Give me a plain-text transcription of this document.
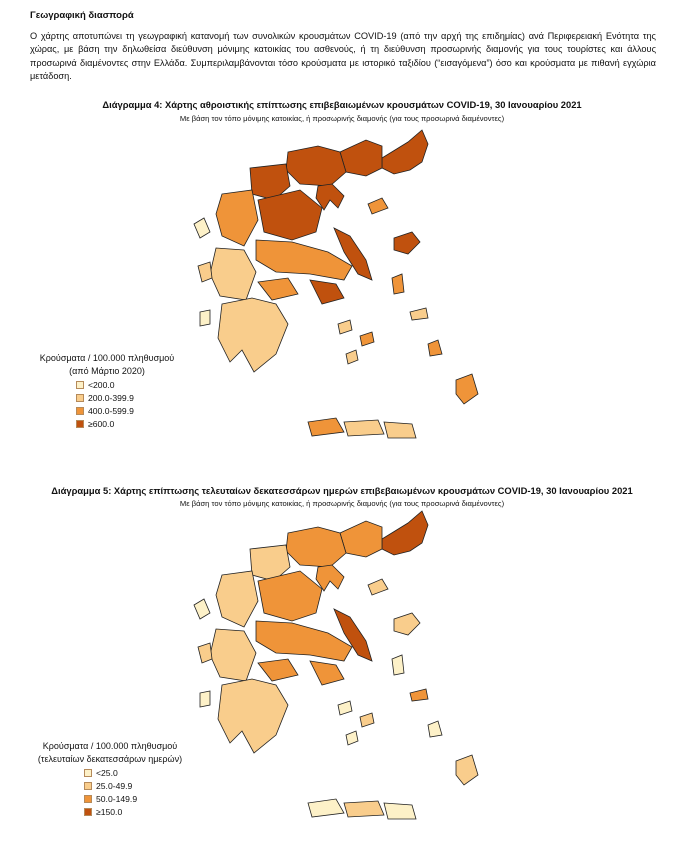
Γεωγραφική διασπορά
Ο χάρτης αποτυπώνει τη γεωγραφική κατανομή των συνολικών κρουσμάτων COVID-19 (από την αρχή της επιδημίας) ανά Περιφερειακή Ενότητα της χώρας, με βάση την δηλωθείσα διεύθυνση μόνιμης κατοικίας του ασθενούς, ή τη διεύθυνση προσωρινής διαμονής για τους τουρίστες και άλλους προσωρινά διαμένοντες στην Ελλάδα. Συμπεριλαμβάνονται τόσο κρούσματα με ιστορικό ταξιδίου (“εισαγόμενα”) όσο και κρούσματα με πιθανή εγχώρια μετάδοση.
Διάγραμμα 4: Χάρτης αθροιστικής επίπτωσης επιβεβαιωμένων κρουσμάτων COVID-19, 30 Ιανουαρίου 2021
Με βάση τον τόπο μόνιμης κατοικίας, ή προσωρινής διαμονής (για τους προσωρινά διαμένοντες)
Κρούσματα / 100.000 πληθυσμού
(από Μάρτιο 2020)
<200.0
200.0-399.9
400.0-599.9
≥600.0
Διάγραμμα 5: Χάρτης επίπτωσης τελευταίων δεκατεσσάρων ημερών επιβεβαιωμένων κρουσμάτων COVID-19, 30 Ιανουαρίου 2021
Με βάση τον τόπο μόνιμης κατοικίας, ή προσωρινής διαμονής (για τους προσωρινά διαμένοντες)
Κρούσματα / 100.000 πληθυσμού
(τελευταίων δεκατεσσάρων ημερών)
<25.0
25.0-49.9
50.0-149.9
≥150.0
